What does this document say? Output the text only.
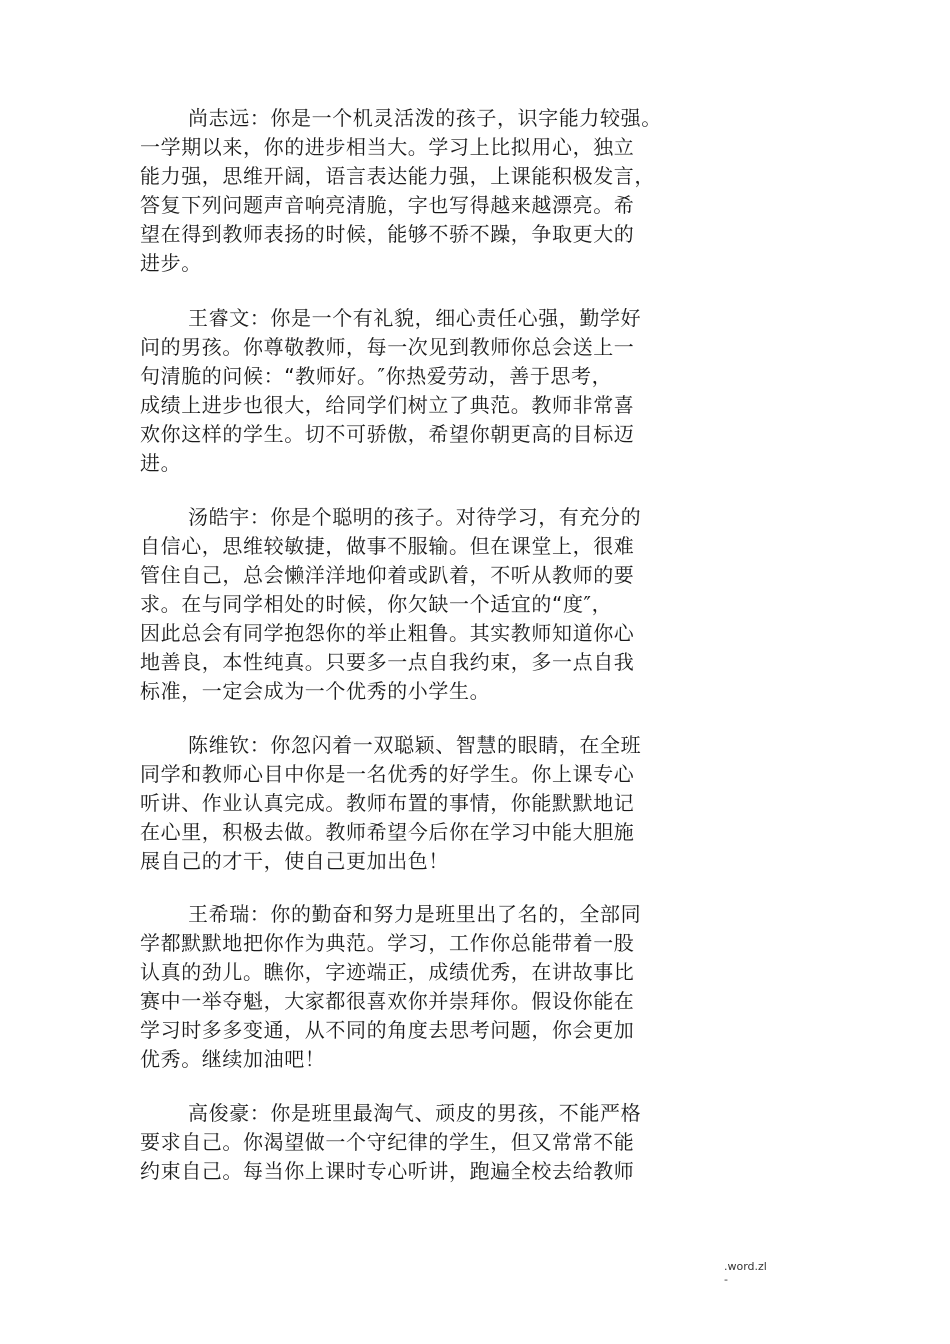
尚志远：你是一个机灵活泼的孩子，识字能力较强。
一学期以来，你的进步相当大。学习上比拟用心，独立
能力强，思维开阔，语言表达能力强，上课能积极发言，
答复下列问题声音响亮清脆，字也写得越来越漂亮。希
望在得到教师表扬的时候，能够不骄不躁，争取更大的
进步。
王睿文：你是一个有礼貌，细心责任心强，勤学好
问的男孩。你尊敬教师，每一次见到教师你总会送上一
句清脆的问候：“教师好。″你热爱劳动，善于思考，
成绩上进步也很大，给同学们树立了典范。教师非常喜
欢你这样的学生。切不可骄傲，希望你朝更高的目标迈
进。
汤皓宇：你是个聪明的孩子。对待学习，有充分的
自信心，思维较敏捷，做事不服输。但在课堂上，很难
管住自己，总会懒洋洋地仰着或趴着，不听从教师的要
求。在与同学相处的时候，你欠缺一个适宜的“度″，
因此总会有同学抱怨你的举止粗鲁。其实教师知道你心
地善良，本性纯真。只要多一点自我约束，多一点自我
标准，一定会成为一个优秀的小学生。
陈维钦：你忽闪着一双聪颖、智慧的眼睛，在全班
同学和教师心目中你是一名优秀的好学生。你上课专心
听讲、作业认真完成。教师布置的事情，你能默默地记
在心里，积极去做。教师希望今后你在学习中能大胆施
展自己的才干，使自己更加出色！
王希瑞：你的勤奋和努力是班里出了名的，全部同
学都默默地把你作为典范。学习，工作你总能带着一股
认真的劲儿。瞧你，字迹端正，成绩优秀，在讲故事比
赛中一举夺魁，大家都很喜欢你并崇拜你。假设你能在
学习时多多变通，从不同的角度去思考问题，你会更加
优秀。继续加油吧！
高俊豪：你是班里最淘气、顽皮的男孩，不能严格
要求自己。你渴望做一个守纪律的学生，但又常常不能
约束自己。每当你上课时专心听讲，跑遍全校去给教师
.word.zl
-
